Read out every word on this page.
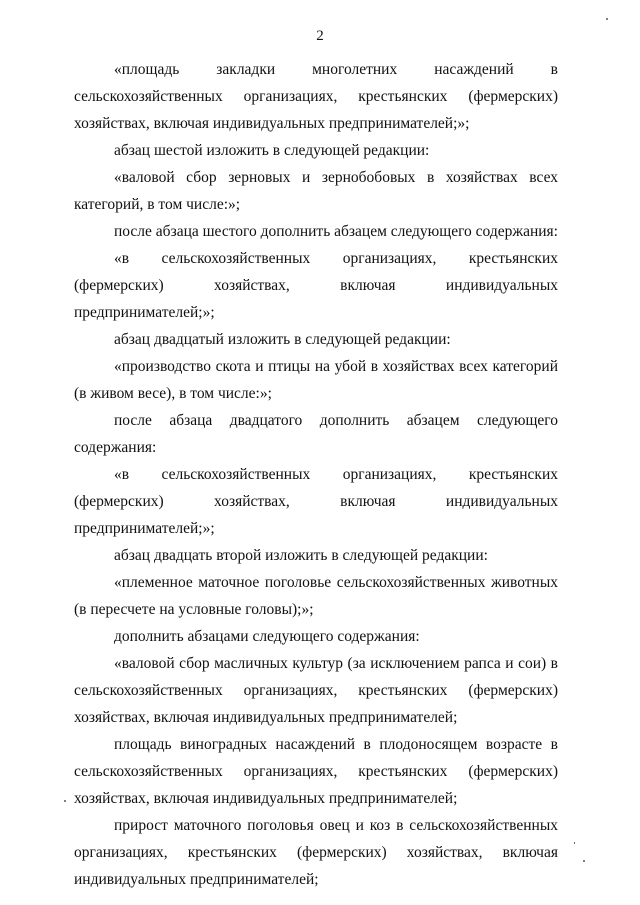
2

«площадь закладки многолетних насаждений в сельскохозяйственных организациях, крестьянских (фермерских) хозяйствах, включая индивидуальных предпринимателей;»;

абзац шестой изложить в следующей редакции:

«валовой сбор зерновых и зернобобовых в хозяйствах всех категорий, в том числе:»;

после абзаца шестого дополнить абзацем следующего содержания:

«в сельскохозяйственных организациях, крестьянских (фермерских) хозяйствах, включая индивидуальных предпринимателей;»;

абзац двадцатый изложить в следующей редакции:

«производство скота и птицы на убой в хозяйствах всех категорий (в живом весе), в том числе:»;

после абзаца двадцатого дополнить абзацем следующего содержания:

«в сельскохозяйственных организациях, крестьянских (фермерских) хозяйствах, включая индивидуальных предпринимателей;»;

абзац двадцать второй изложить в следующей редакции:

«племенное маточное поголовье сельскохозяйственных животных (в пересчете на условные головы);»;

дополнить абзацами следующего содержания:

«валовой сбор масличных культур (за исключением рапса и сои) в сельскохозяйственных организациях, крестьянских (фермерских) хозяйствах, включая индивидуальных предпринимателей;

площадь виноградных насаждений в плодоносящем возрасте в сельскохозяйственных организациях, крестьянских (фермерских) хозяйствах, включая индивидуальных предпринимателей;

прирост маточного поголовья овец и коз в сельскохозяйственных организациях, крестьянских (фермерских) хозяйствах, включая индивидуальных предпринимателей;
